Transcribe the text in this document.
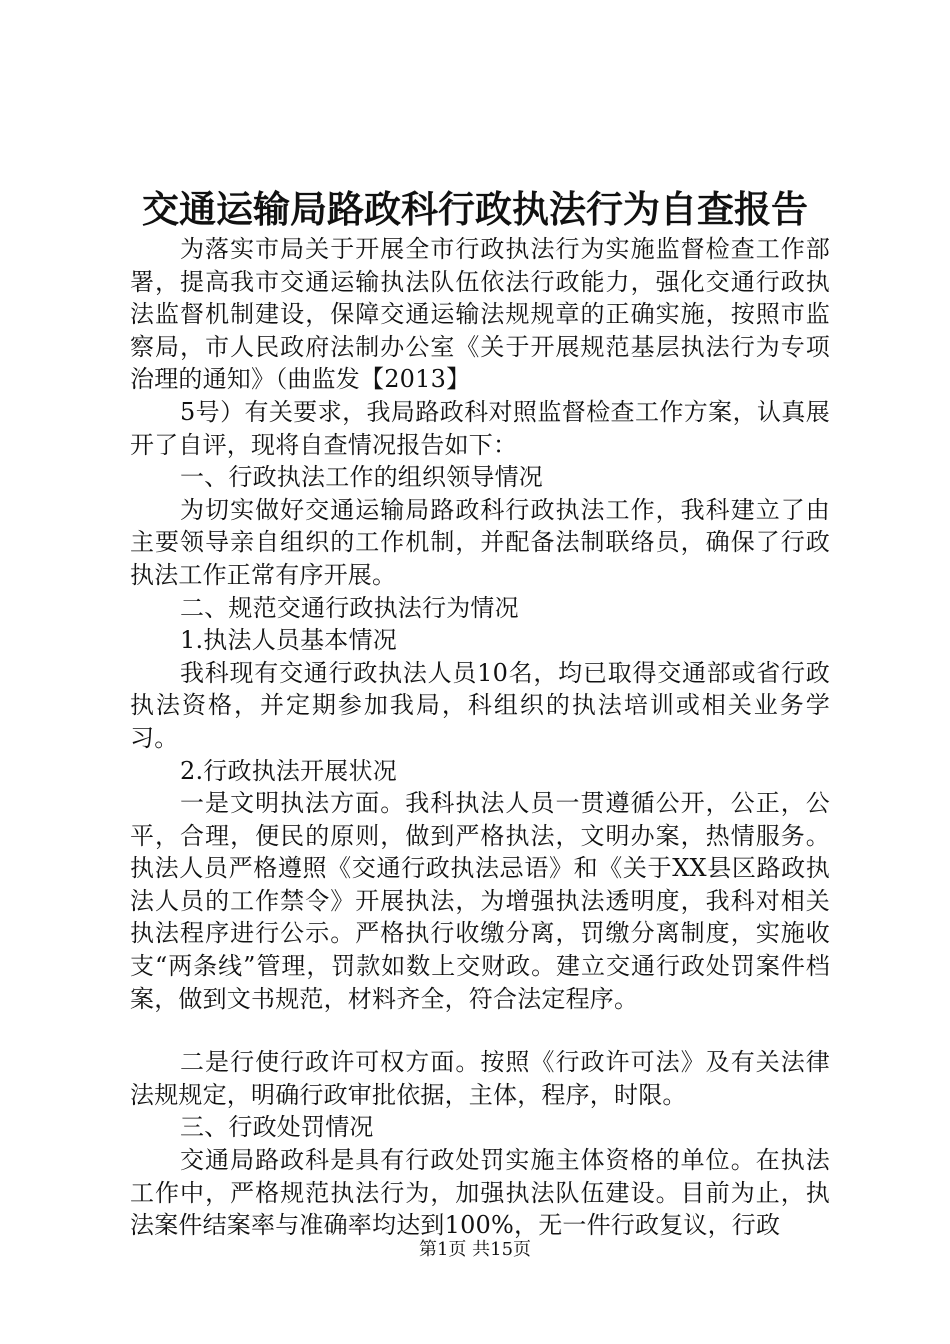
交通运输局路政科行政执法行为自查报告

为落实市局关于开展全市行政执法行为实施监督检查工作部署，提高我市交通运输执法队伍依法行政能力，强化交通行政执法监督机制建设，保障交通运输法规规章的正确实施，按照市监察局，市人民政府法制办公室《关于开展规范基层执法行为专项治理的通知》（曲监发【2013】

5号）有关要求，我局路政科对照监督检查工作方案，认真展开了自评，现将自查情况报告如下：

一、行政执法工作的组织领导情况

为切实做好交通运输局路政科行政执法工作，我科建立了由主要领导亲自组织的工作机制，并配备法制联络员，确保了行政执法工作正常有序开展。

二、规范交通行政执法行为情况

1.执法人员基本情况

我科现有交通行政执法人员10名，均已取得交通部或省行政执法资格，并定期参加我局，科组织的执法培训或相关业务学习。

2.行政执法开展状况

一是文明执法方面。我科执法人员一贯遵循公开，公正，公平，合理，便民的原则，做到严格执法，文明办案，热情服务。执法人员严格遵照《交通行政执法忌语》和《关于XX县区路政执法人员的工作禁令》开展执法，为增强执法透明度，我科对相关执法程序进行公示。严格执行收缴分离，罚缴分离制度，实施收支“两条线”管理，罚款如数上交财政。建立交通行政处罚案件档案，做到文书规范，材料齐全，符合法定程序。

二是行使行政许可权方面。按照《行政许可法》及有关法律法规规定，明确行政审批依据，主体，程序，时限。

三、行政处罚情况

交通局路政科是具有行政处罚实施主体资格的单位。在执法工作中，严格规范执法行为，加强执法队伍建设。目前为止，执法案件结案率与准确率均达到100%，无一件行政复议，行政

第1页 共15页
